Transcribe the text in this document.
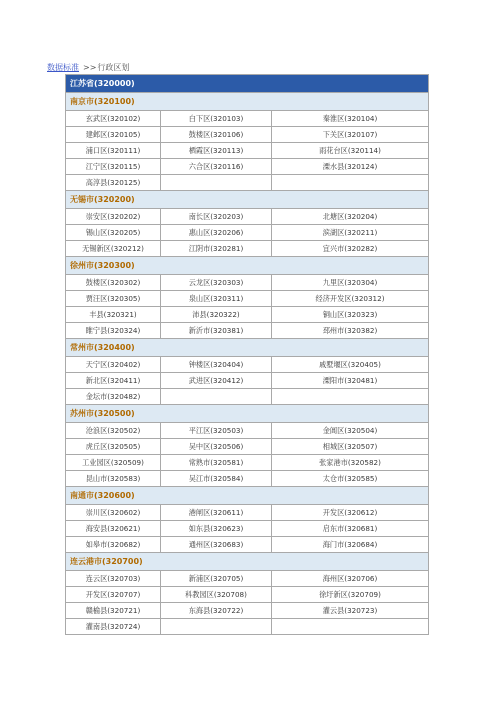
数据标准 >>行政区划
江苏省(320000)		
南京市(320100)		
玄武区(320102)	白下区(320103)	秦淮区(320104)
建邺区(320105)	鼓楼区(320106)	下关区(320107)
浦口区(320111)	栖霞区(320113)	雨花台区(320114)
江宁区(320115)	六合区(320116)	溧水县(320124)
高淳县(320125)		
无锡市(320200)		
崇安区(320202)	南长区(320203)	北塘区(320204)
锡山区(320205)	惠山区(320206)	滨湖区(320211)
无锡新区(320212)	江阴市(320281)	宜兴市(320282)
徐州市(320300)		
鼓楼区(320302)	云龙区(320303)	九里区(320304)
贾汪区(320305)	泉山区(320311)	经济开发区(320312)
丰县(320321)	沛县(320322)	铜山区(320323)
睢宁县(320324)	新沂市(320381)	邳州市(320382)
常州市(320400)		
天宁区(320402)	钟楼区(320404)	戚墅堰区(320405)
新北区(320411)	武进区(320412)	溧阳市(320481)
金坛市(320482)		
苏州市(320500)		
沧浪区(320502)	平江区(320503)	金阊区(320504)
虎丘区(320505)	吴中区(320506)	相城区(320507)
工业园区(320509)	常熟市(320581)	张家港市(320582)
昆山市(320583)	吴江市(320584)	太仓市(320585)
南通市(320600)		
崇川区(320602)	港闸区(320611)	开发区(320612)
海安县(320621)	如东县(320623)	启东市(320681)
如皋市(320682)	通州区(320683)	海门市(320684)
连云港市(320700)		
连云区(320703)	新浦区(320705)	海州区(320706)
开发区(320707)	科教园区(320708)	徐圩新区(320709)
赣榆县(320721)	东海县(320722)	灌云县(320723)
灌南县(320724)		
